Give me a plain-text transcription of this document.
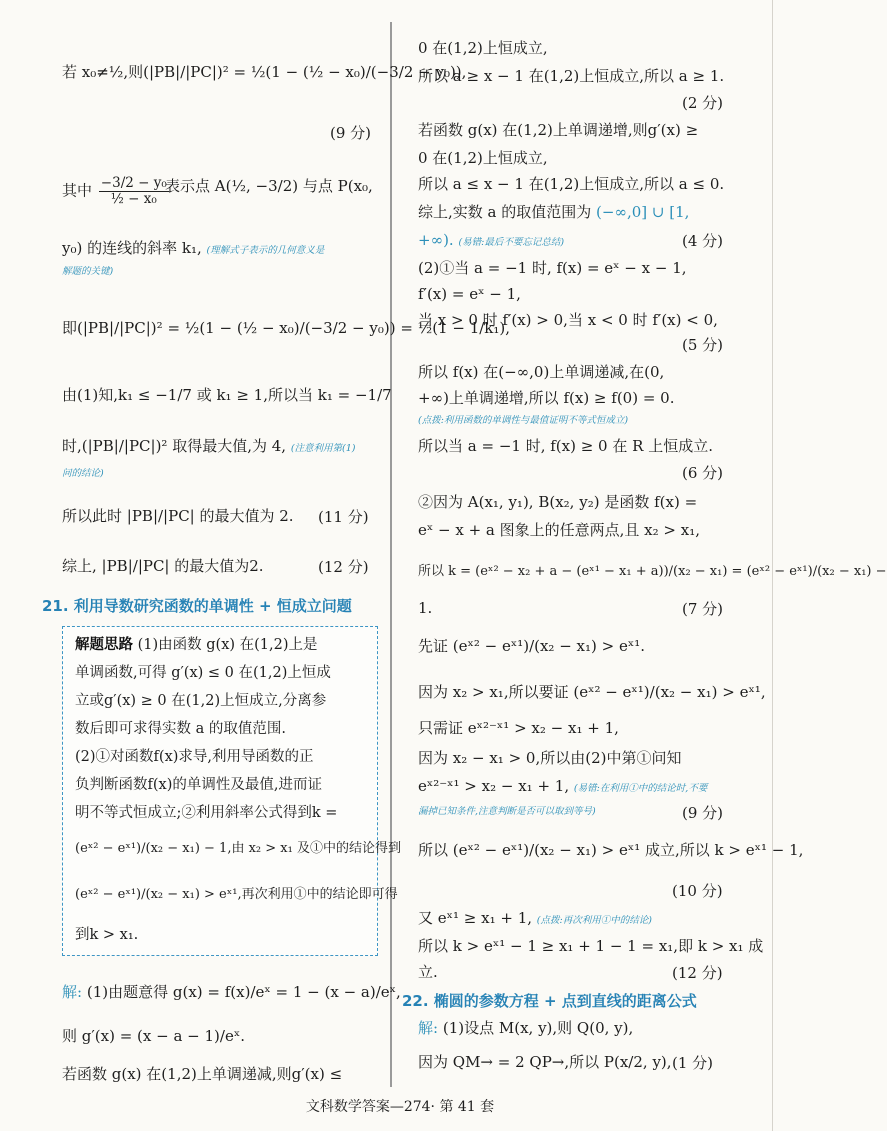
若 x₀≠½,则(|PB|/|PC|)² = ½(1 − (½ − x₀)/(−3/2 − y₀)),
(9 分)
其中 $\frac{\text{−3/2 − y₀}}{\text{½ − x₀}}$
表示点 A(½, −3/2) 与点 P(x₀,
y₀) 的连线的斜率 k₁, (理解式子表示的几何意义是
解题的关键)
即(|PB|/|PC|)² = ½(1 − (½ − x₀)/(−3/2 − y₀)) = ½(1 − 1/k₁),
由(1)知,k₁ ≤ −1/7 或 k₁ ≥ 1,所以当 k₁ = −1/7
时,(|PB|/|PC|)² 取得最大值,为 4, (注意利用第(1)
问的结论)
所以此时 |PB|/|PC| 的最大值为 2. (11 分)
综上, |PB|/|PC| 的最大值为2.	(12 分)
21. 利用导数研究函数的单调性 + 恒成立问题
解题思路 (1)由函数 g(x) 在(1,2)上是
单调函数,可得 g′(x) ≤ 0 在(1,2)上恒成
立或g′(x) ≥ 0 在(1,2)上恒成立,分离参
数后即可求得实数 a 的取值范围.
(2)①对函数f(x)求导,利用导函数的正
负判断函数f(x)的单调性及最值,进而证
明不等式恒成立;②利用斜率公式得到k =
(eˣ² − eˣ¹)/(x₂ − x₁) − 1,由 x₂ > x₁ 及①中的结论得到
(eˣ² − eˣ¹)/(x₂ − x₁) > eˣ¹,再次利用①中的结论即可得
到k > x₁.
解: (1)由题意得 g(x) = f(x)/eˣ = 1 − (x − a)/eˣ,
则 g′(x) = (x − a − 1)/eˣ.
若函数 g(x) 在(1,2)上单调递减,则g′(x) ≤
0 在(1,2)上恒成立,
所以 a ≥ x − 1 在(1,2)上恒成立,所以 a ≥ 1.
(2 分)
若函数 g(x) 在(1,2)上单调递增,则g′(x) ≥
0 在(1,2)上恒成立,
所以 a ≤ x − 1 在(1,2)上恒成立,所以 a ≤ 0.
综上,实数 a 的取值范围为 (−∞,0] ∪ [1,
+∞). (易错:最后不要忘记总结)	(4 分)
(2)①当 a = −1 时, f(x) = eˣ − x − 1,
f′(x) = eˣ − 1,
当 x > 0 时 f′(x) > 0,当 x < 0 时 f′(x) < 0,
(5 分)
所以 f(x) 在(−∞,0)上单调递减,在(0,
+∞)上单调递增,所以 f(x) ≥ f(0) = 0.
(点拨:利用函数的单调性与最值证明不等式恒成立)
所以当 a = −1 时, f(x) ≥ 0 在 R 上恒成立.
(6 分)
②因为 A(x₁, y₁), B(x₂, y₂) 是函数 f(x) =
eˣ − x + a 图象上的任意两点,且 x₂ > x₁,
所以 k = (eˣ² − x₂ + a − (eˣ¹ − x₁ + a))/(x₂ − x₁) = (eˣ² − eˣ¹)/(x₂ − x₁) −
1.	(7 分)
先证 (eˣ² − eˣ¹)/(x₂ − x₁) > eˣ¹.
因为 x₂ > x₁,所以要证 (eˣ² − eˣ¹)/(x₂ − x₁) > eˣ¹,
只需证 eˣ²⁻ˣ¹ > x₂ − x₁ + 1,
因为 x₂ − x₁ > 0,所以由(2)中第①问知
eˣ²⁻ˣ¹ > x₂ − x₁ + 1, (易错:在利用①中的结论时,不要
漏掉已知条件,注意判断是否可以取到等号)	(9 分)
所以 (eˣ² − eˣ¹)/(x₂ − x₁) > eˣ¹ 成立,所以 k > eˣ¹ − 1,
(10 分)
又 eˣ¹ ≥ x₁ + 1, (点拨:再次利用①中的结论)
所以 k > eˣ¹ − 1 ≥ x₁ + 1 − 1 = x₁,即 k > x₁ 成
立.	(12 分)
22. 椭圆的参数方程 + 点到直线的距离公式
解: (1)设点 M(x, y),则 Q(0, y),
因为 QM→ = 2 QP→,所以 P(x/2, y), (1 分)
文科数学答案—274· 第 41 套
